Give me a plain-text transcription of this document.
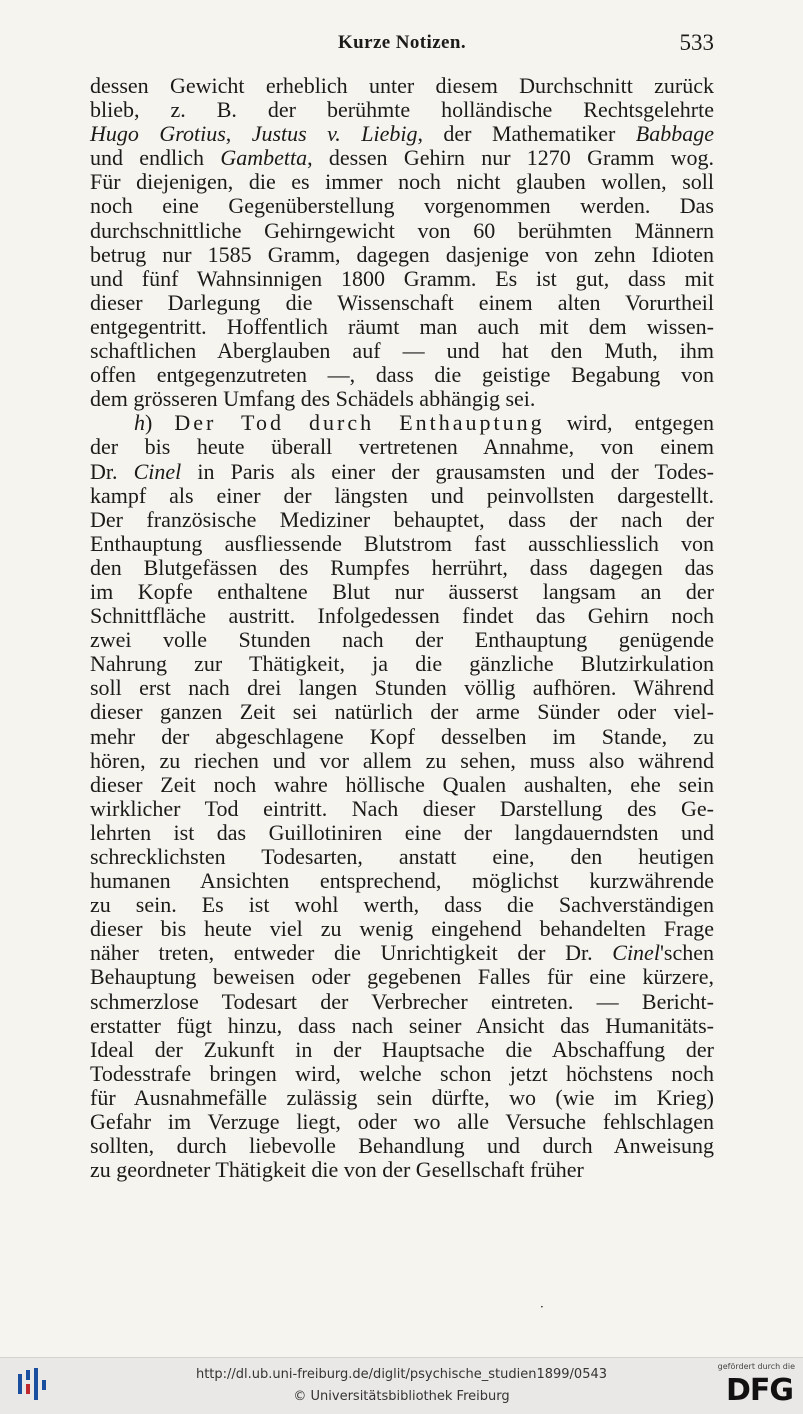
Kurze Notizen.	533
dessen Gewicht erheblich unter diesem Durchschnitt zurück
blieb, z. B. der berühmte holländische Rechtsgelehrte
Hugo Grotius, Justus v. Liebig, der Mathematiker Babbage
und endlich Gambetta, dessen Gehirn nur 1270 Gramm wog.
Für diejenigen, die es immer noch nicht glauben wollen, soll
noch eine Gegenüberstellung vorgenommen werden. Das
durchschnittliche Gehirngewicht von 60 berühmten Männern
betrug nur 1585 Gramm, dagegen dasjenige von zehn Idioten
und fünf Wahnsinnigen 1800 Gramm. Es ist gut, dass mit
dieser Darlegung die Wissenschaft einem alten Vorurtheil
entgegentritt. Hoffentlich räumt man auch mit dem wissen-
schaftlichen Aberglauben auf — und hat den Muth, ihm
offen entgegenzutreten —, dass die geistige Begabung von
dem grösseren Umfang des Schädels abhängig sei.
h) Der Tod durch Enthauptung wird, entgegen
der bis heute überall vertretenen Annahme, von einem
Dr. Cinel in Paris als einer der grausamsten und der Todes-
kampf als einer der längsten und peinvollsten dargestellt.
Der französische Mediziner behauptet, dass der nach der
Enthauptung ausfliessende Blutstrom fast ausschliesslich von
den Blutgefässen des Rumpfes herrührt, dass dagegen das
im Kopfe enthaltene Blut nur äusserst langsam an der
Schnittfläche austritt. Infolgedessen findet das Gehirn noch
zwei volle Stunden nach der Enthauptung genügende
Nahrung zur Thätigkeit, ja die gänzliche Blutzirkulation
soll erst nach drei langen Stunden völlig aufhören. Während
dieser ganzen Zeit sei natürlich der arme Sünder oder viel-
mehr der abgeschlagene Kopf desselben im Stande, zu
hören, zu riechen und vor allem zu sehen, muss also während
dieser Zeit noch wahre höllische Qualen aushalten, ehe sein
wirklicher Tod eintritt. Nach dieser Darstellung des Ge-
lehrten ist das Guillotiniren eine der langdauerndsten und
schrecklichsten Todesarten, anstatt eine, den heutigen
humanen Ansichten entsprechend, möglichst kurzwährende
zu sein. Es ist wohl werth, dass die Sachverständigen
dieser bis heute viel zu wenig eingehend behandelten Frage
näher treten, entweder die Unrichtigkeit der Dr. Cinel'schen
Behauptung beweisen oder gegebenen Falles für eine kürzere,
schmerzlose Todesart der Verbrecher eintreten. — Bericht-
erstatter fügt hinzu, dass nach seiner Ansicht das Humanitäts-
Ideal der Zukunft in der Hauptsache die Abschaffung der
Todesstrafe bringen wird, welche schon jetzt höchstens noch
für Ausnahmefälle zulässig sein dürfte, wo (wie im Krieg)
Gefahr im Verzuge liegt, oder wo alle Versuche fehlschlagen
sollten, durch liebevolle Behandlung und durch Anweisung
zu geordneter Thätigkeit die von der Gesellschaft früher
·
http://dl.ub.uni-freiburg.de/diglit/psychische_studien1899/0543
© Universitätsbibliothek Freiburg
gefördert durch die
DFG
